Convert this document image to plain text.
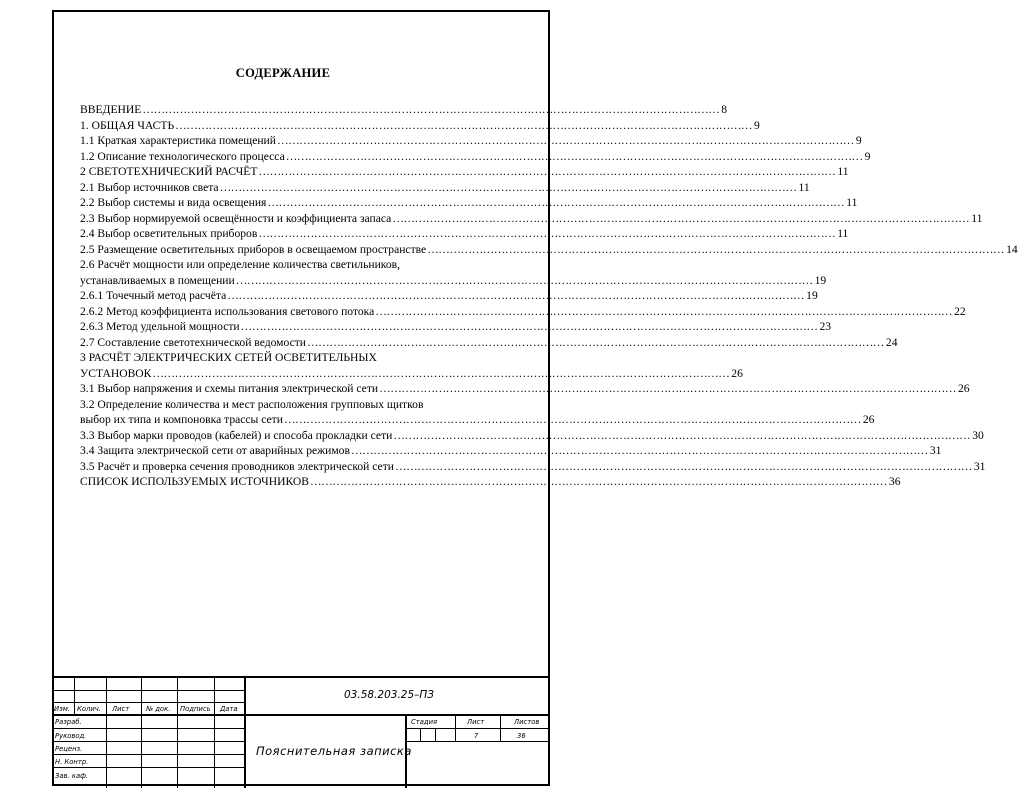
СОДЕРЖАНИЕ
ВВЕДЕНИЕ ………………………………………………………………………………………………………………………………………… 8
1. ОБЩАЯ ЧАСТЬ ………………………………………………………………………………………………………………………………………… 9
1.1 Краткая характеристика помещений ………………………………………………………………………………………………………………………………………… 9
1.2 Описание технологического процесса ………………………………………………………………………………………………………………………………………… 9
2 СВЕТОТЕХНИЧЕСКИЙ РАСЧЁТ ………………………………………………………………………………………………………………………………………… 11
2.1 Выбор источников света ………………………………………………………………………………………………………………………………………… 11
2.2 Выбор системы и вида освещения ………………………………………………………………………………………………………………………………………… 11
2.3 Выбор нормируемой освещённости и коэффициента запаса ………………………………………………………………………………………………………………………………………… 11
2.4 Выбор осветительных приборов ………………………………………………………………………………………………………………………………………… 11
2.5 Размещение осветительных приборов в освещаемом пространстве ………………………………………………………………………………………………………………………………………… 14
2.6 Расчёт мощности или определение количества светильников,
устанавливаемых в помещении ………………………………………………………………………………………………………………………………………… 19
2.6.1 Точечный метод расчёта ………………………………………………………………………………………………………………………………………… 19
2.6.2 Метод коэффициента использования светового потока ………………………………………………………………………………………………………………………………………… 22
2.6.3 Метод удельной мощности ………………………………………………………………………………………………………………………………………… 23
2.7 Составление светотехнической ведомости ………………………………………………………………………………………………………………………………………… 24
3 РАСЧЁТ ЭЛЕКТРИЧЕСКИХ СЕТЕЙ ОСВЕТИТЕЛЬНЫХ
УСТАНОВОК ………………………………………………………………………………………………………………………………………… 26
3.1 Выбор напряжения и схемы питания электрической сети ………………………………………………………………………………………………………………………………………… 26
3.2 Определение количества и мест расположения групповых щитков
выбор их типа и компоновка трассы сети ………………………………………………………………………………………………………………………………………… 26
3.3 Выбор марки проводов (кабелей) и способа прокладки сети ………………………………………………………………………………………………………………………………………… 30
3.4 Защита электрической сети от аварийных режимов ………………………………………………………………………………………………………………………………………… 31
3.5 Расчёт и проверка сечения проводников электрической сети ………………………………………………………………………………………………………………………………………… 31
СПИСОК ИСПОЛЬЗУЕМЫХ ИСТОЧНИКОВ ………………………………………………………………………………………………………………………………………… 36
Изм. Колич. Лист № док. Подпись Дата
Разраб.
Руковод.
Реценз.
Н. Контр.
Зав. каф.
03.58.203.25–ПЗ
Пояснительная записка
Стадия	Лист	Листов
7	36
